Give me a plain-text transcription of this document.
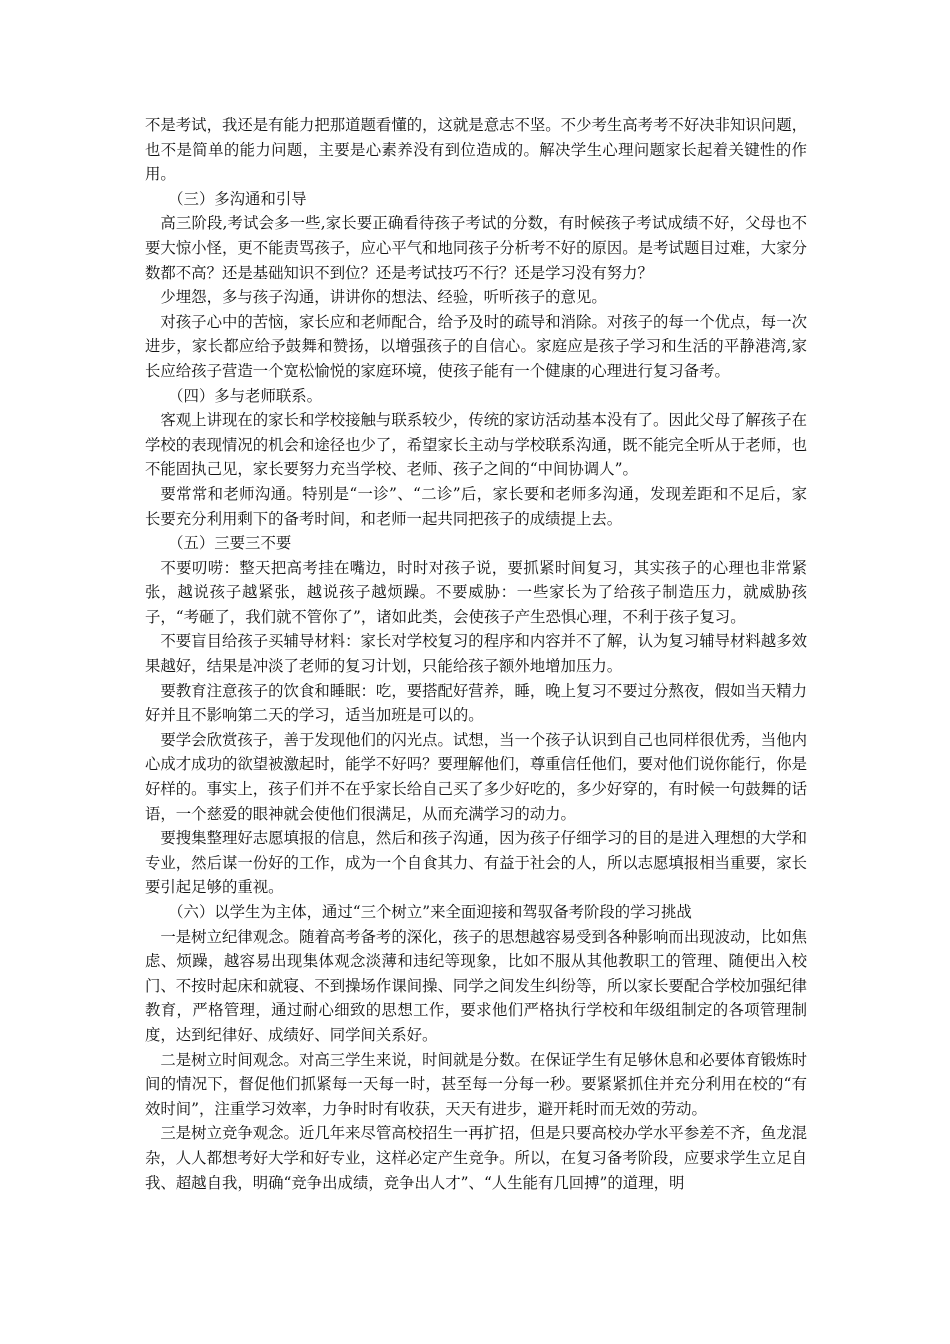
不是考试，我还是有能力把那道题看懂的，这就是意志不坚。不少考生高考考不好决非知识问题，也不是简单的能力问题，主要是心素养没有到位造成的。解决学生心理问题家长起着关键性的作用。

（三）多沟通和引导

高三阶段,考试会多一些,家长要正确看待孩子考试的分数，有时候孩子考试成绩不好，父母也不要大惊小怪，更不能责骂孩子，应心平气和地同孩子分析考不好的原因。是考试题目过难，大家分数都不高？还是基础知识不到位？还是考试技巧不行？还是学习没有努力？

少埋怨，多与孩子沟通，讲讲你的想法、经验，听听孩子的意见。

对孩子心中的苦恼，家长应和老师配合，给予及时的疏导和消除。对孩子的每一个优点，每一次进步，家长都应给予鼓舞和赞扬，以增强孩子的自信心。家庭应是孩子学习和生活的平静港湾,家长应给孩子营造一个宽松愉悦的家庭环境，使孩子能有一个健康的心理进行复习备考。

（四）多与老师联系。

客观上讲现在的家长和学校接触与联系较少，传统的家访活动基本没有了。因此父母了解孩子在学校的表现情况的机会和途径也少了，希望家长主动与学校联系沟通，既不能完全听从于老师，也不能固执己见，家长要努力充当学校、老师、孩子之间的“中间协调人”。

要常常和老师沟通。特别是“一诊”、“二诊”后，家长要和老师多沟通，发现差距和不足后，家长要充分利用剩下的备考时间，和老师一起共同把孩子的成绩提上去。

（五）三要三不要

不要叨唠：整天把高考挂在嘴边，时时对孩子说，要抓紧时间复习，其实孩子的心理也非常紧张，越说孩子越紧张，越说孩子越烦躁。不要威胁：一些家长为了给孩子制造压力，就威胁孩子，“考砸了，我们就不管你了”，诸如此类，会使孩子产生恐惧心理，不利于孩子复习。

不要盲目给孩子买辅导材料：家长对学校复习的程序和内容并不了解，认为复习辅导材料越多效果越好，结果是冲淡了老师的复习计划，只能给孩子额外地增加压力。

要教育注意孩子的饮食和睡眠：吃，要搭配好营养，睡，晚上复习不要过分熬夜，假如当天精力好并且不影响第二天的学习，适当加班是可以的。

要学会欣赏孩子，善于发现他们的闪光点。试想，当一个孩子认识到自己也同样很优秀，当他内心成才成功的欲望被激起时，能学不好吗？要理解他们，尊重信任他们，要对他们说你能行，你是好样的。事实上，孩子们并不在乎家长给自己买了多少好吃的，多少好穿的，有时候一句鼓舞的话语，一个慈爱的眼神就会使他们很满足，从而充满学习的动力。

要搜集整理好志愿填报的信息，然后和孩子沟通，因为孩子仔细学习的目的是进入理想的大学和专业，然后谋一份好的工作，成为一个自食其力、有益于社会的人，所以志愿填报相当重要，家长要引起足够的重视。

（六）以学生为主体，通过“三个树立”来全面迎接和驾驭备考阶段的学习挑战

一是树立纪律观念。随着高考备考的深化，孩子的思想越容易受到各种影响而出现波动，比如焦虑、烦躁，越容易出现集体观念淡薄和违纪等现象，比如不服从其他教职工的管理、随便出入校门、不按时起床和就寝、不到操场作课间操、同学之间发生纠纷等，所以家长要配合学校加强纪律教育，严格管理，通过耐心细致的思想工作，要求他们严格执行学校和年级组制定的各项管理制度，达到纪律好、成绩好、同学间关系好。

二是树立时间观念。对高三学生来说，时间就是分数。在保证学生有足够休息和必要体育锻炼时间的情况下，督促他们抓紧每一天每一时，甚至每一分每一秒。要紧紧抓住并充分利用在校的“有效时间”，注重学习效率，力争时时有收获，天天有进步，避开耗时而无效的劳动。

三是树立竞争观念。近几年来尽管高校招生一再扩招，但是只要高校办学水平参差不齐，鱼龙混杂，人人都想考好大学和好专业，这样必定产生竞争。所以，在复习备考阶段，应要求学生立足自我、超越自我，明确“竞争出成绩，竞争出人才”、“人生能有几回搏”的道理，明
